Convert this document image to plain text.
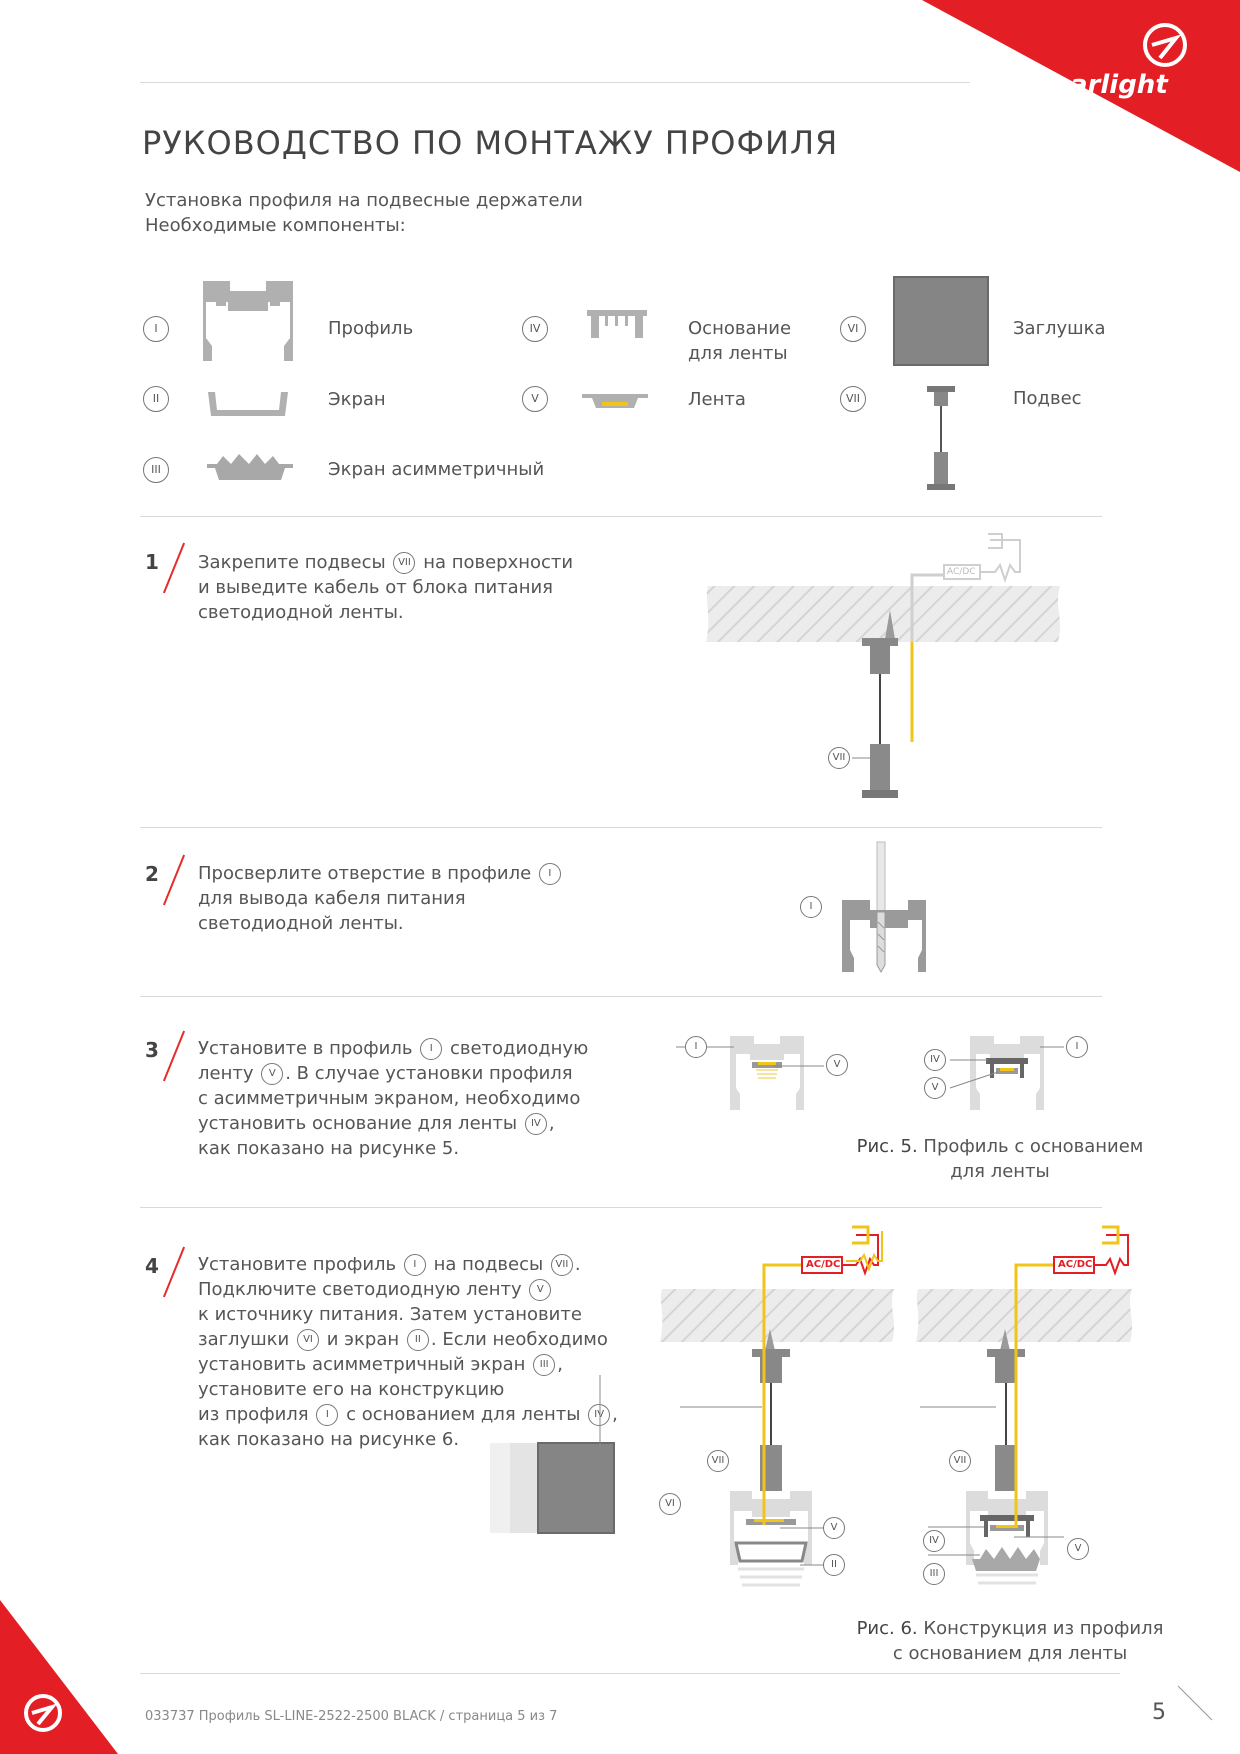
arlight
РУКОВОДСТВО ПО МОНТАЖУ ПРОФИЛЯ
Установка профиля на подвесные держатели
Необходимые компоненты:
I	Профиль
II	Экран
III	Экран асимметричный
IV	Основание для ленты
V	Лента
VI	Заглушка
VII	Подвес
1 Закрепите подвесы VII на поверхности
и выведите кабель от блока питания
светодиодной ленты.
AC/DC
VII
2 Просверлите отверстие в профиле I
для вывода кабеля питания
светодиодной ленты.
I
3 Установите в профиль I светодиодную
ленту V . В случае установки профиля
с асимметричным экраном, необходимо
установить основание для ленты IV ,
как показано на рисунке 5.
I
V	IV
V
I
Рис. 5. Профиль с основанием
для ленты
4 Установите профиль I на подвесы VII .
Подключите светодиодную ленту V
к источнику питания. Затем установите
заглушки VI и экран II . Если необходимо
установить асимметричный экран III ,
установите его на конструкцию
из профиля I с основанием для ленты IV ,
как показано на рисунке 6.
AC/DC	AC/DC
VII
VI
V
II
VII
IV
V
III
Рис. 6. Конструкция из профиля
с основанием для ленты
033737 Профиль SL-LINE-2522-2500 BLACK / страница 5 из 7	5
